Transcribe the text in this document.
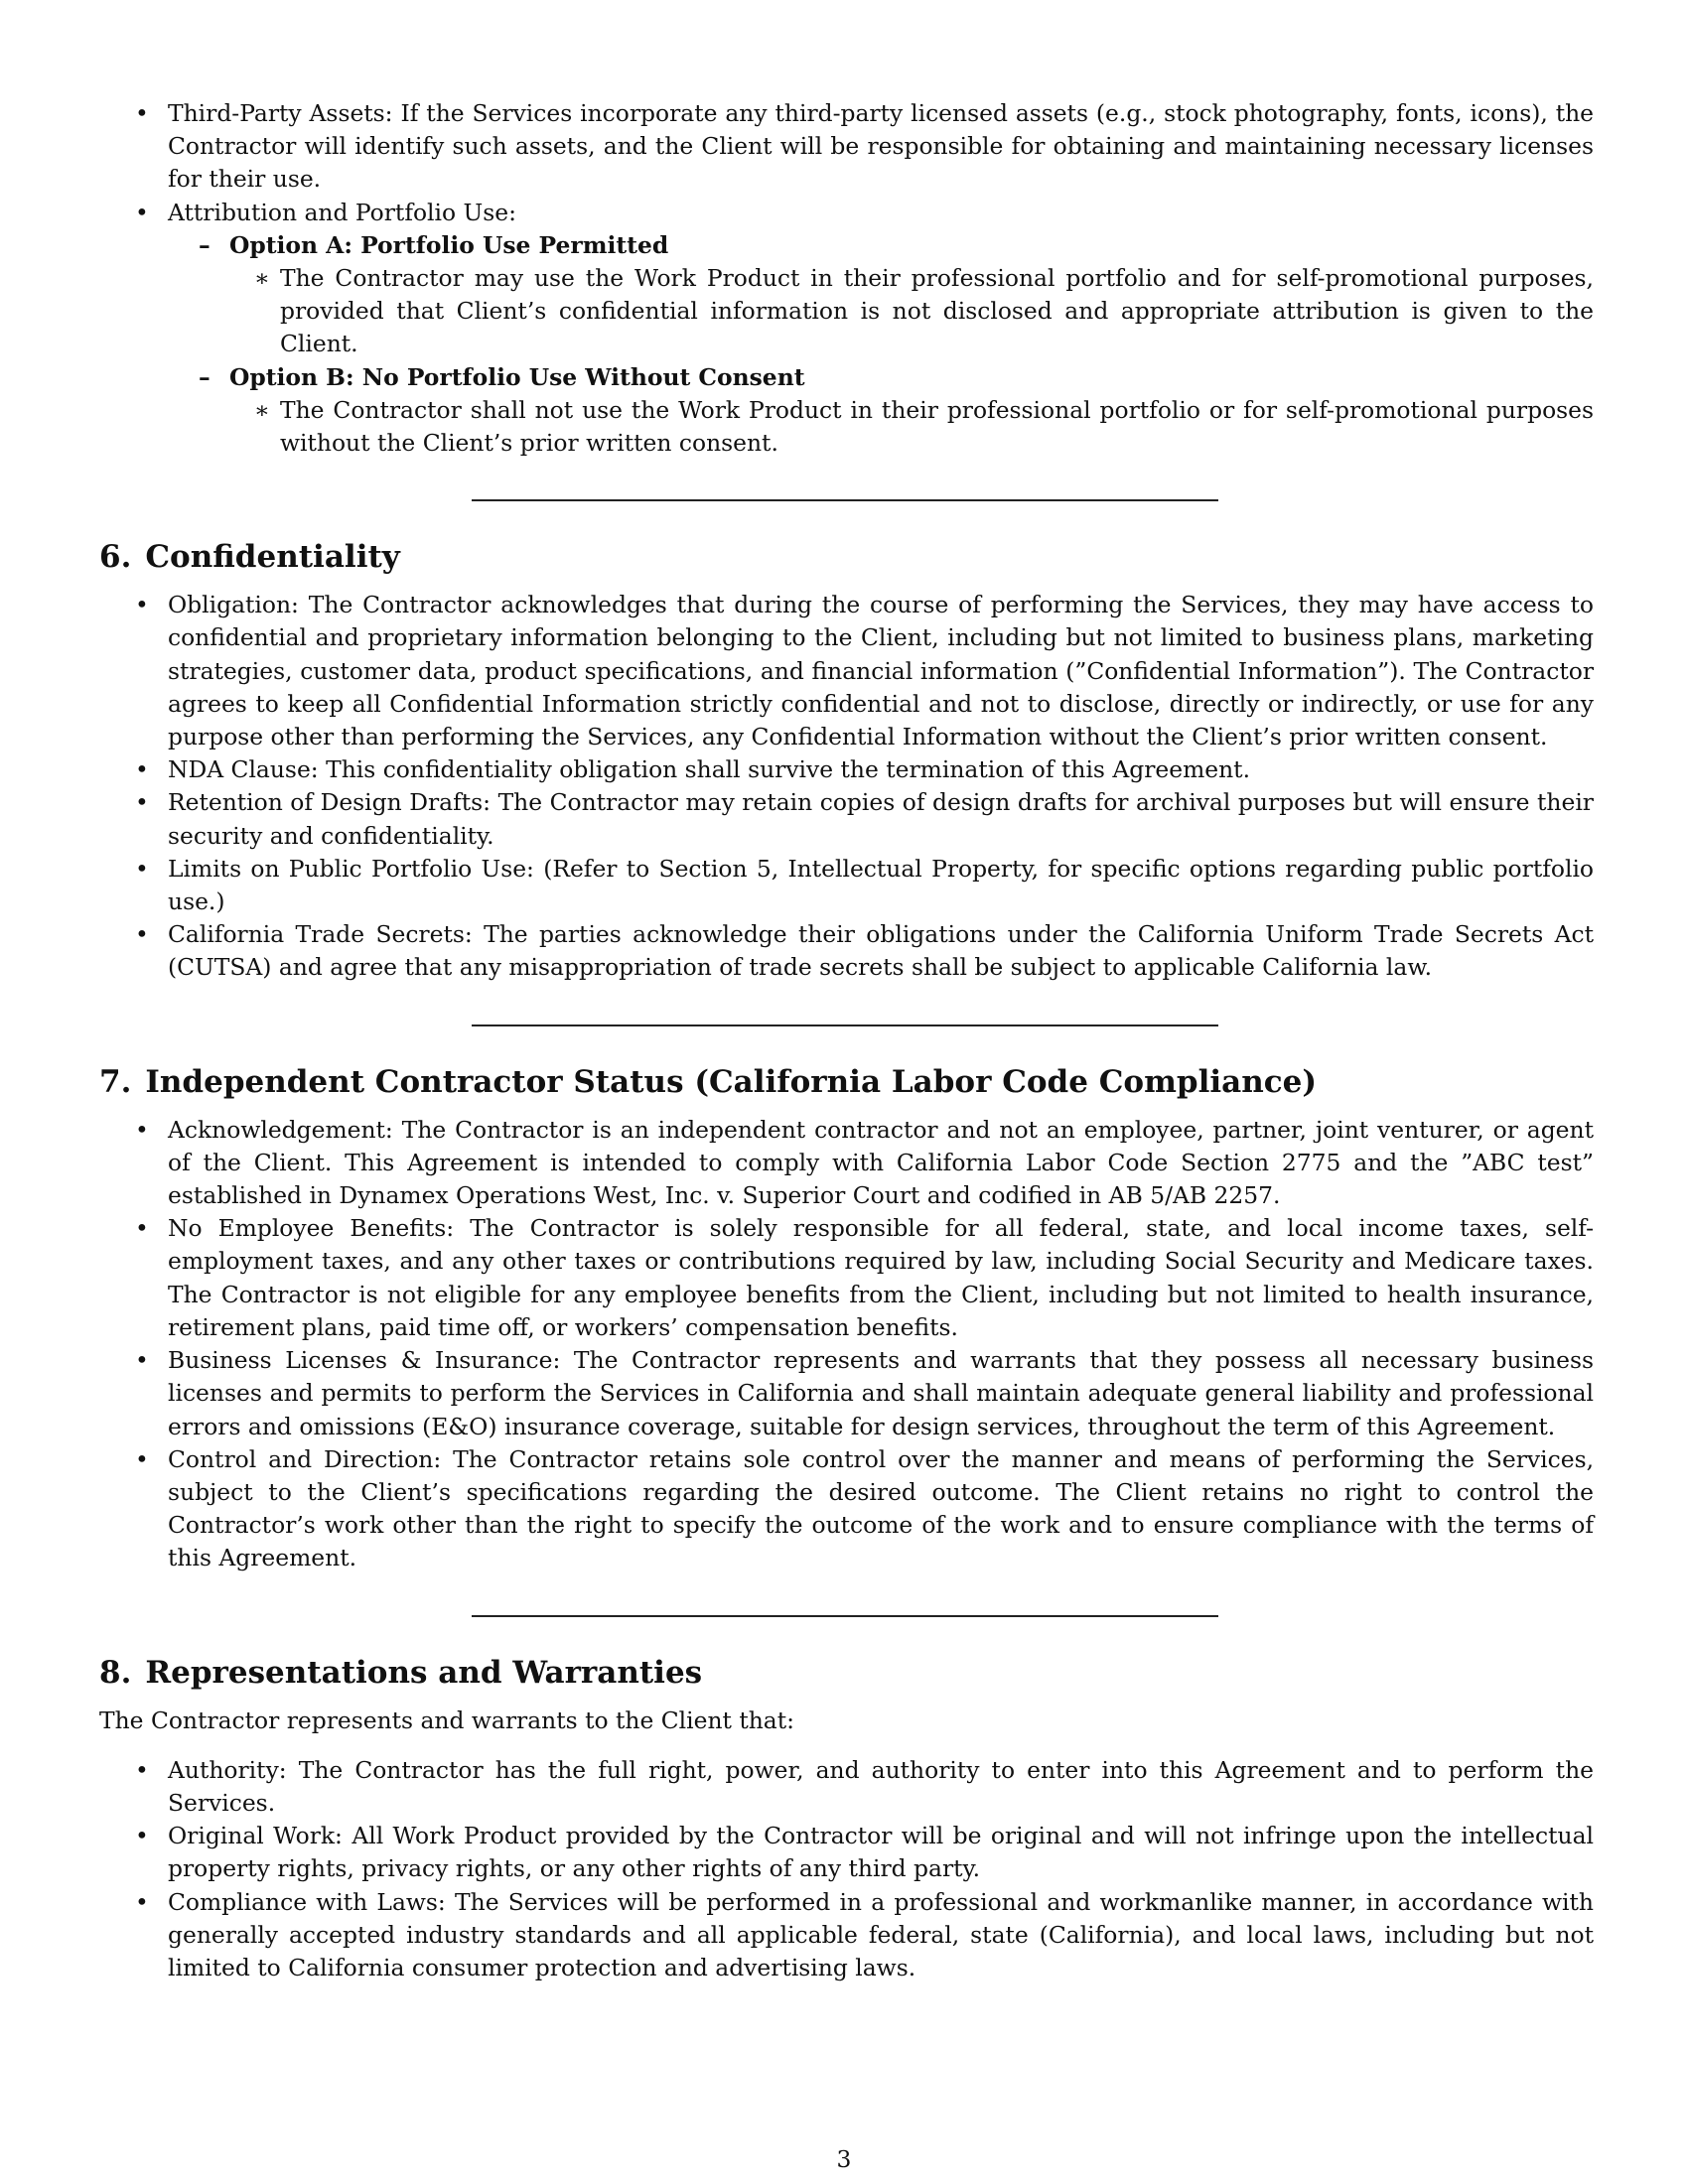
• Third-Party Assets: If the Services incorporate any third-party licensed assets (e.g., stock photography, fonts, icons), the Contractor will identify such assets, and the Client will be responsible for obtaining and maintaining necessary licenses for their use.
• Attribution and Portfolio Use:
– Option A: Portfolio Use Permitted
∗ The Contractor may use the Work Product in their professional portfolio and for self-promotional purposes, provided that Client’s confidential information is not disclosed and appropriate attribution is given to the Client.
– Option B: No Portfolio Use Without Consent
∗ The Contractor shall not use the Work Product in their professional portfolio or for self-promotional purposes without the Client’s prior written consent.
6. Confidentiality
• Obligation: The Contractor acknowledges that during the course of performing the Services, they may have access to confidential and proprietary information belonging to the Client, including but not limited to business plans, marketing strategies, customer data, product specifications, and financial information (”Confidential Information”). The Contractor agrees to keep all Confidential Information strictly confidential and not to disclose, directly or indirectly, or use for any purpose other than performing the Services, any Confidential Information without the Client’s prior written consent.
• NDA Clause: This confidentiality obligation shall survive the termination of this Agreement.
• Retention of Design Drafts: The Contractor may retain copies of design drafts for archival purposes but will ensure their security and confidentiality.
• Limits on Public Portfolio Use: (Refer to Section 5, Intellectual Property, for specific options regarding public portfolio use.)
• California Trade Secrets: The parties acknowledge their obligations under the California Uniform Trade Secrets Act (CUTSA) and agree that any misappropriation of trade secrets shall be subject to applicable California law.
7. Independent Contractor Status (California Labor Code Compliance)
• Acknowledgement: The Contractor is an independent contractor and not an employee, partner, joint venturer, or agent of the Client. This Agreement is intended to comply with California Labor Code Section 2775 and the ”ABC test” established in Dynamex Operations West, Inc. v. Superior Court and codified in AB 5/AB 2257.
• No Employee Benefits: The Contractor is solely responsible for all federal, state, and local income taxes, self-employment taxes, and any other taxes or contributions required by law, including Social Security and Medicare taxes. The Contractor is not eligible for any employee benefits from the Client, including but not limited to health insurance, retirement plans, paid time off, or workers’ compensation benefits.
• Business Licenses & Insurance: The Contractor represents and warrants that they possess all necessary business licenses and permits to perform the Services in California and shall maintain adequate general liability and professional errors and omissions (E&O) insurance coverage, suitable for design services, throughout the term of this Agreement.
• Control and Direction: The Contractor retains sole control over the manner and means of performing the Services, subject to the Client’s specifications regarding the desired outcome. The Client retains no right to control the Contractor’s work other than the right to specify the outcome of the work and to ensure compliance with the terms of this Agreement.
8. Representations and Warranties

The Contractor represents and warrants to the Client that:

• Authority: The Contractor has the full right, power, and authority to enter into this Agreement and to perform the Services.
• Original Work: All Work Product provided by the Contractor will be original and will not infringe upon the intellectual property rights, privacy rights, or any other rights of any third party.
• Compliance with Laws: The Services will be performed in a professional and workmanlike manner, in accordance with generally accepted industry standards and all applicable federal, state (California), and local laws, including but not limited to California consumer protection and advertising laws.
3
